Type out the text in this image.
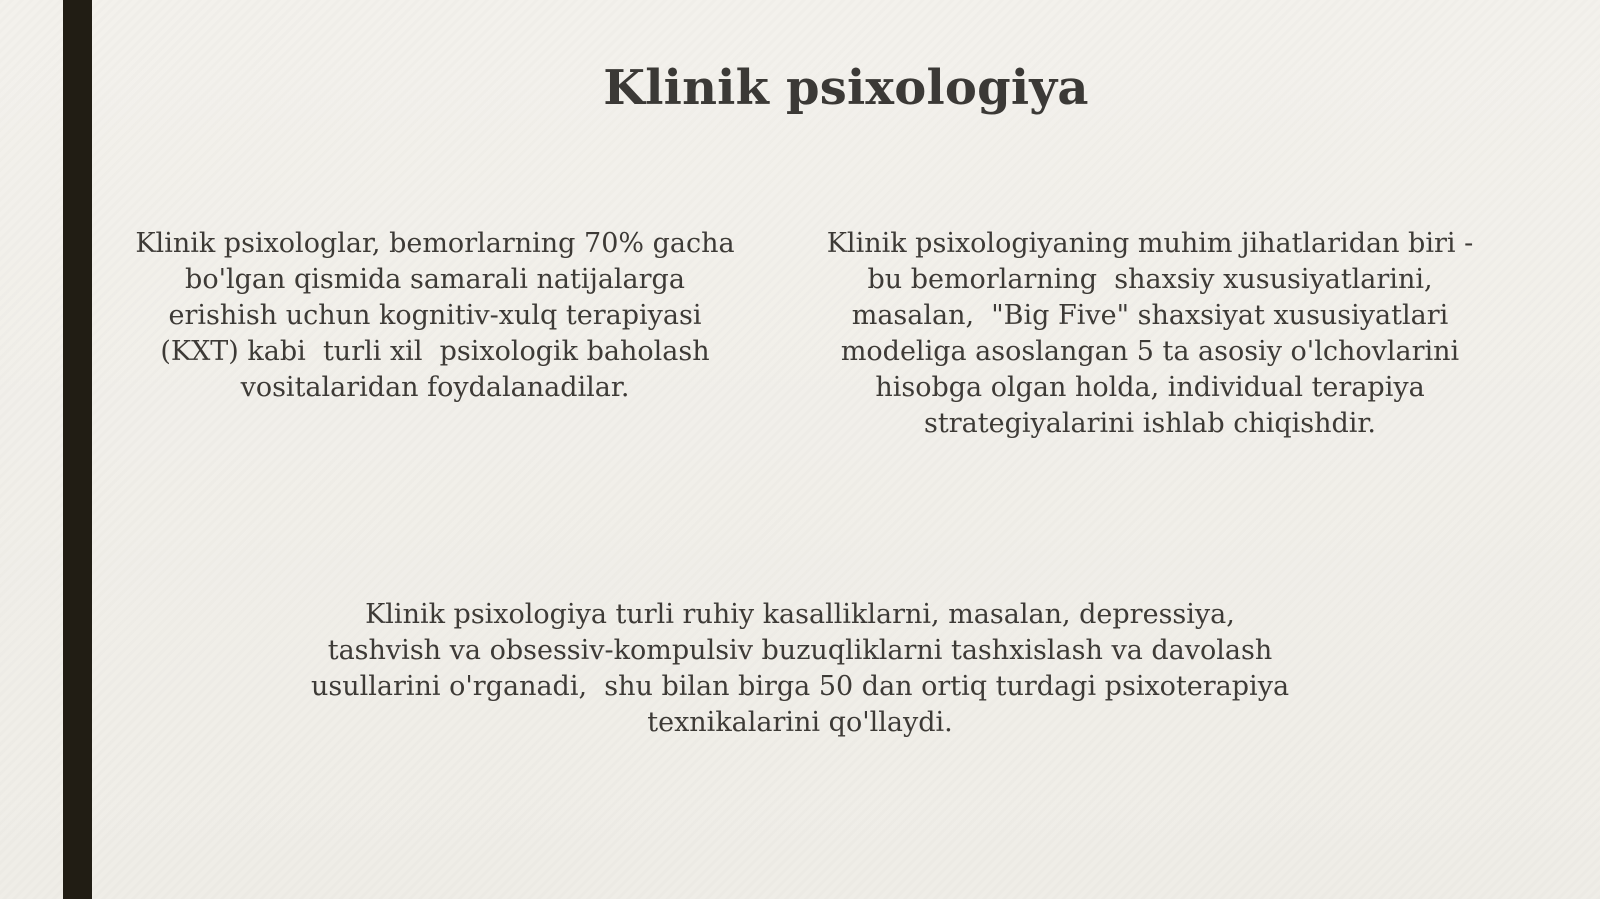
Klinik psixologiya

Klinik psixologlar, bemorlarning 70% gacha
bo'lgan qismida samarali natijalarga
erishish uchun kognitiv-xulq terapiyasi
(KXT) kabi  turli xil  psixologik baholash
vositalaridan foydalanadilar.

Klinik psixologiyaning muhim jihatlaridan biri -
bu bemorlarning  shaxsiy xususiyatlarini,
masalan,  "Big Five" shaxsiyat xususiyatlari
modeliga asoslangan 5 ta asosiy o'lchovlarini
hisobga olgan holda, individual terapiya
strategiyalarini ishlab chiqishdir.

Klinik psixologiya turli ruhiy kasalliklarni, masalan, depressiya,
tashvish va obsessiv-kompulsiv buzuqliklarni tashxislash va davolash
usullarini o'rganadi,  shu bilan birga 50 dan ortiq turdagi psixoterapiya
texnikalarini qo'llaydi.
